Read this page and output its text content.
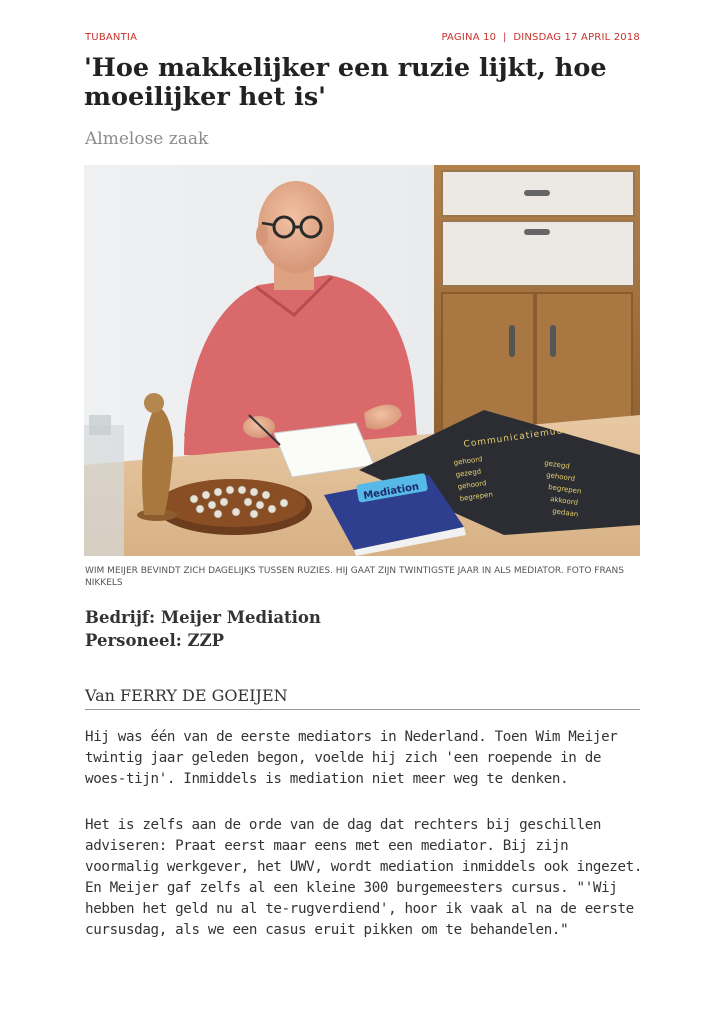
TUBANTIA	PAGINA 10  |  DINSDAG 17 APRIL 2018
'Hoe makkelijker een ruzie lijkt, hoe moeilijker het is'
Almelose zaak
Communicatiemuur
gehoord
gezegd
gehoord
begrepen
gezegd
gehoord
begrepen
akkoord
gedaan
Mediation
WIM MEIJER BEVINDT ZICH DAGELIJKS TUSSEN RUZIES. HIJ GAAT ZIJN TWINTIGSTE JAAR IN ALS MEDIATOR. FOTO FRANS NIKKELS
Bedrijf: Meijer Mediation
Personeel: ZZP
Van FERRY DE GOEIJEN

Hij was één van de eerste mediators in Nederland. Toen Wim Meijer twintig jaar geleden begon, voelde hij zich 'een roepende in de woes-tijn'. Inmiddels is mediation niet meer weg te denken.

Het is zelfs aan de orde van de dag dat rechters bij geschillen adviseren: Praat eerst maar eens met een mediator. Bij zijn voormalig werkgever, het UWV, wordt mediation inmiddels ook ingezet. En Meijer gaf zelfs al een kleine 300 burgemeesters cursus. "'Wij hebben het geld nu al te-rugverdiend', hoor ik vaak al na de eerste cursusdag, als we een casus eruit pikken om te behandelen."
